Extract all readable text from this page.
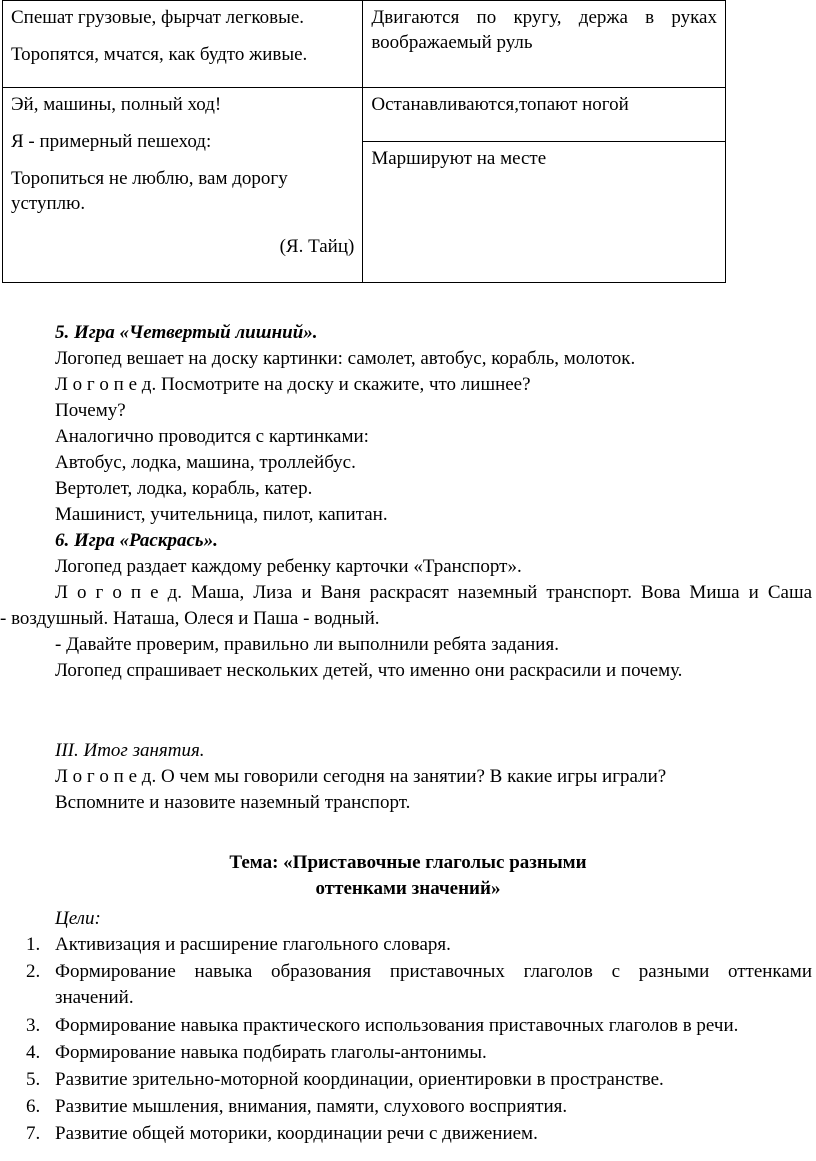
Спешат грузовые, фырчат легковые.

Торопятся, мчатся, как будто живые.	Двигаются по кругу, держа в руках воображаемый руль

Эй, машины, полный ход!

Я - примерный пешеход:

Торопиться не люблю, вам дорогу уступлю.

(Я. Тайц)	Останавливаются,топают ногой
	Маршируют на месте
5. Игра «Четвертый лишний».
Логопед вешает на доску картинки: самолет, автобус, корабль, молоток.
Л о г о п е д. Посмотрите на доску и скажите, что лишнее?
Почему?
Аналогично проводится с картинками:
Автобус, лодка, машина, троллейбус.
Вертолет, лодка, корабль, катер.
Машинист, учительница, пилот, капитан.
6. Игра «Раскрась».
Логопед раздает каждому ребенку карточки «Транспорт».
Л о г о п е д. Маша, Лиза и Ваня раскрасят наземный транспорт. Вова Миша и Саша
- воздушный. Наташа, Олеся и Паша - водный.
- Давайте проверим, правильно ли выполнили ребята задания.
Логопед спрашивает нескольких детей, что именно они раскрасили и почему.
III. Итог занятия.
Л о г о п е д. О чем мы говорили сегодня на занятии? В какие игры играли?
Вспомните и назовите наземный транспорт.
Тема: «Приставочные глаголыс разными
оттенками значений»
Цели:
1. Активизация и расширение глагольного словаря.
2. Формирование навыка образования приставочных глаголов с разными оттенками
значений.
3. Формирование навыка практического использования приставочных глаголов в речи.
4. Формирование навыка подбирать глаголы-антонимы.
5. Развитие зрительно-моторной координации, ориентировки в пространстве.
6. Развитие мышления, внимания, памяти, слухового восприятия.
7. Развитие общей моторики, координации речи с движением.
